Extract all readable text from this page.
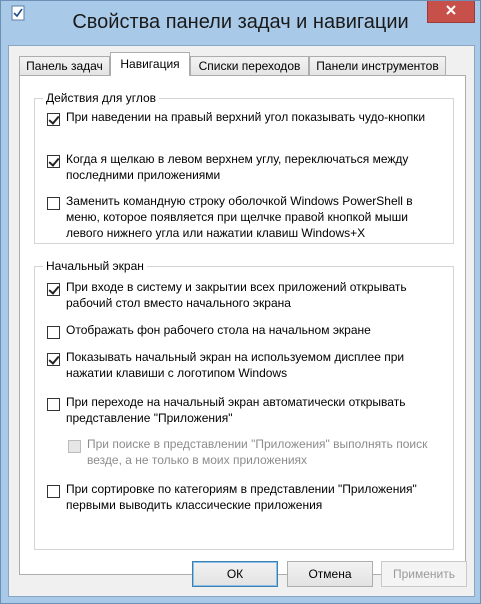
Свойства панели задач и навигации
Панель задач	Навигация	Списки переходов	Панели инструментов
Действия для углов
При наведении на правый верхний угол показывать чудо-кнопки
Когда я щелкаю в левом верхнем углу, переключаться между последними приложениями
Заменить командную строку оболочкой Windows PowerShell в меню, которое появляется при щелчке правой кнопкой мыши левого нижнего угла или нажатии клавиш Windows+X
Начальный экран
При входе в систему и закрытии всех приложений открывать рабочий стол вместо начального экрана
Отображать фон рабочего стола на начальном экране
Показывать начальный экран на используемом дисплее при нажатии клавиши с логотипом Windows
При переходе на начальный экран автоматически открывать представление "Приложения"
При поиске в представлении "Приложения" выполнять поиск везде, а не только в моих приложениях
При сортировке по категориям в представлении "Приложения" первыми выводить классические приложения
ОК	Отмена	Применить
